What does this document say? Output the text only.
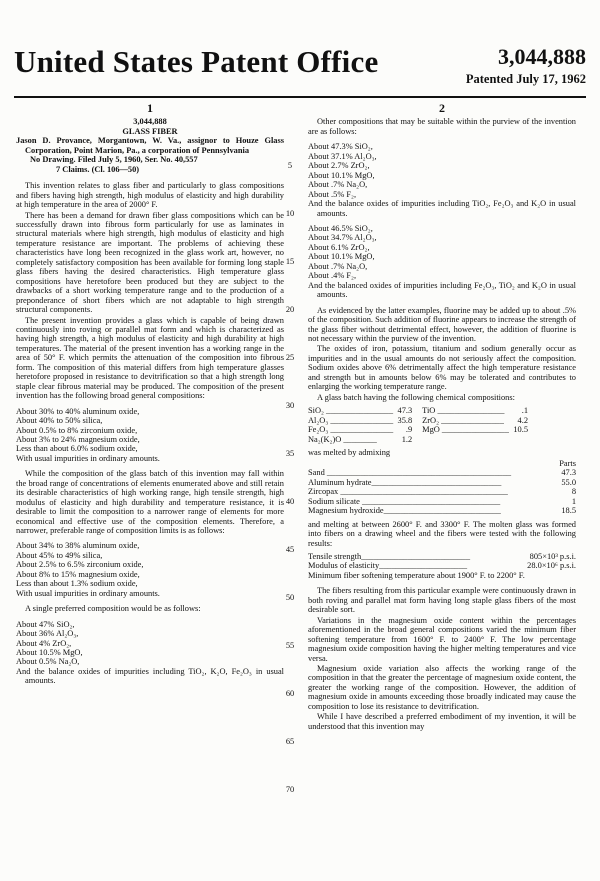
United States Patent Office	3,044,888
Patented July 17, 1962
1
3,044,888
GLASS FIBER
Jason D. Provance, Morgantown, W. Va., assignor to Houze Glass Corporation, Point Marion, Pa., a corporation of Pennsylvania
No Drawing. Filed July 5, 1960, Ser. No. 40,557
7 Claims. (Cl. 106—50)

This invention relates to glass fiber and particularly to glass compositions and fibers having high strength, high modulus of elasticity and high durability at high temperature in the area of 2000° F.

There has been a demand for drawn fiber glass compositions which can be successfully drawn into fibrous form particularly for use as laminates in structural materials where high strength, high modulus of elasticity and high temperature resistance are important. The problems of achieving these characteristics have long been recognized in the glass work art, however, no completely satisfactory composition has been available for forming long staple glass fibers having the desired characteristics. High temperature glass compositions have heretofore been produced but they are subject to the drawbacks of a short working temperature range and to the production of a preponderance of short fibers which are not adaptable to high strength structural components.

The present invention provides a glass which is capable of being drawn continuously into roving or parallel mat form and which is characterized as having high strength, a high modulus of elasticity and high durability at high temperatures. The material of the present invention has a working range in the area of 50° F. which permits the attenuation of the composition into fibrous form. The composition of this material differs from high temperature glasses heretofore proposed in resistance to devitrification so that a high strength long staple clear fibrous material may be produced. The composition of the present invention has the following broad general compositions:

About 30% to 40% aluminum oxide,
About 40% to 50% silica,
About 0.5% to 8% zirconium oxide,
About 3% to 24% magnesium oxide,
Less than about 6.0% sodium oxide,
With usual impurities in ordinary amounts.

While the composition of the glass batch of this invention may fall within the broad range of concentrations of elements enumerated above and still retain its desirable characteristics of high working range, high tensile strength, high modulus of elasticity and high durability and temperature resistance, it is desirable to limit the composition to a narrower range of elements for more economical and effective use of the composition elements. Therefore, a narrower, preferable range of composition limits is as follows:

About 34% to 38% aluminum oxide,
About 45% to 49% silica,
About 2.5% to 6.5% zirconium oxide,
About 8% to 15% magnesium oxide,
Less than about 1.3% sodium oxide,
With usual impurities in ordinary amounts.

A single preferred composition would be as follows:

About 47% SiO₂,
About 36% Al₂O₃,
About 4% ZrO₂,
About 10.5% MgO,
About 0.5% Na₂O,
And the balance oxides of impurities including TiO₂, K₂O, Fe₂O₃ in usual amounts.
5
10
15
20
25
30
35
40
45
50
55
60
65
70
2

Other compositions that may be suitable within the purview of the invention are as follows:

About 47.3% SiO₂,
About 37.1% Al₂O₃,
About 2.7% ZrO₂,
About 10.1% MgO,
About .7% Na₂O,
About .5% F₂,
And the balance oxides of impurities including TiO₂, Fe₂O₃ and K₂O in usual amounts.
About 46.5% SiO₂,
About 34.7% Al₂O₃,
About 6.1% ZrO₂,
About 10.1% MgO,
About .7% Na₂O,
About .4% F₂,
And the balanced oxides of impurities including Fe₂O₃, TiO₂ and K₂O in usual amounts.

As evidenced by the latter examples, fluorine may be added up to about .5% of the composition. Such addition of fluorine appears to increase the strength of the glass fiber without detrimental effect, however, the addition of fluorine is not necessary within the purview of the invention.

The oxides of iron, potassium, titanium and sodium generally occur as impurities and in the usual amounts do not seriously affect the composition. Sodium oxides above 6% detrimentally affect the high temperature resistance and strength but in amounts below 6% may be tolerated and contributes to enlarging the working temperature range.

A glass batch having the following chemical compositions:

SiO₂ ________________	47.3	TiO ________________	.1
Al₂O₃ _______________	35.8	ZrO₂ _______________	4.2
Fe₂O₃ _______________	.9	MgO ________________	10.5
Na₂(K₂)O ________	1.2		

was melted by admixing

	Parts
Sand ____________________________________________	47.3
Aluminum hydrate_______________________________	55.0
Zircopax ________________________________________	8
Sodium silicate _________________________________	1
Magnesium hydroxide____________________________	18.5

and melting at between 2600° F. and 3300° F. The molten glass was formed into fibers on a drawing wheel and the fibers were tested with the following results:

Tensile strength__________________________	805×10³ p.s.i.
Modulus of elasticity_____________________	28.0×10⁶ p.s.i.
Minimum fiber softening temperature about 1900° F. to 2200° F.

The fibers resulting from this particular example were continuously drawn in both roving and parallel mat form having long staple glass fibers of the most desirable sort.

Variations in the magnesium oxide content within the percentages aforementioned in the broad general compositions varied the minimum fiber softening temperature from 1600° F. to 2400° F. The low percentage magnesium oxide composition having the higher melting temperatures and vice versa.

Magnesium oxide variation also affects the working range of the composition in that the greater the percentage of magnesium oxide content, the greater the working range of the composition. However, the addition of magnesium oxide in amounts exceeding those broadly indicated may cause the composition to lose its resistance to devitrification.

While I have described a preferred embodiment of my invention, it will be understood that this invention may
